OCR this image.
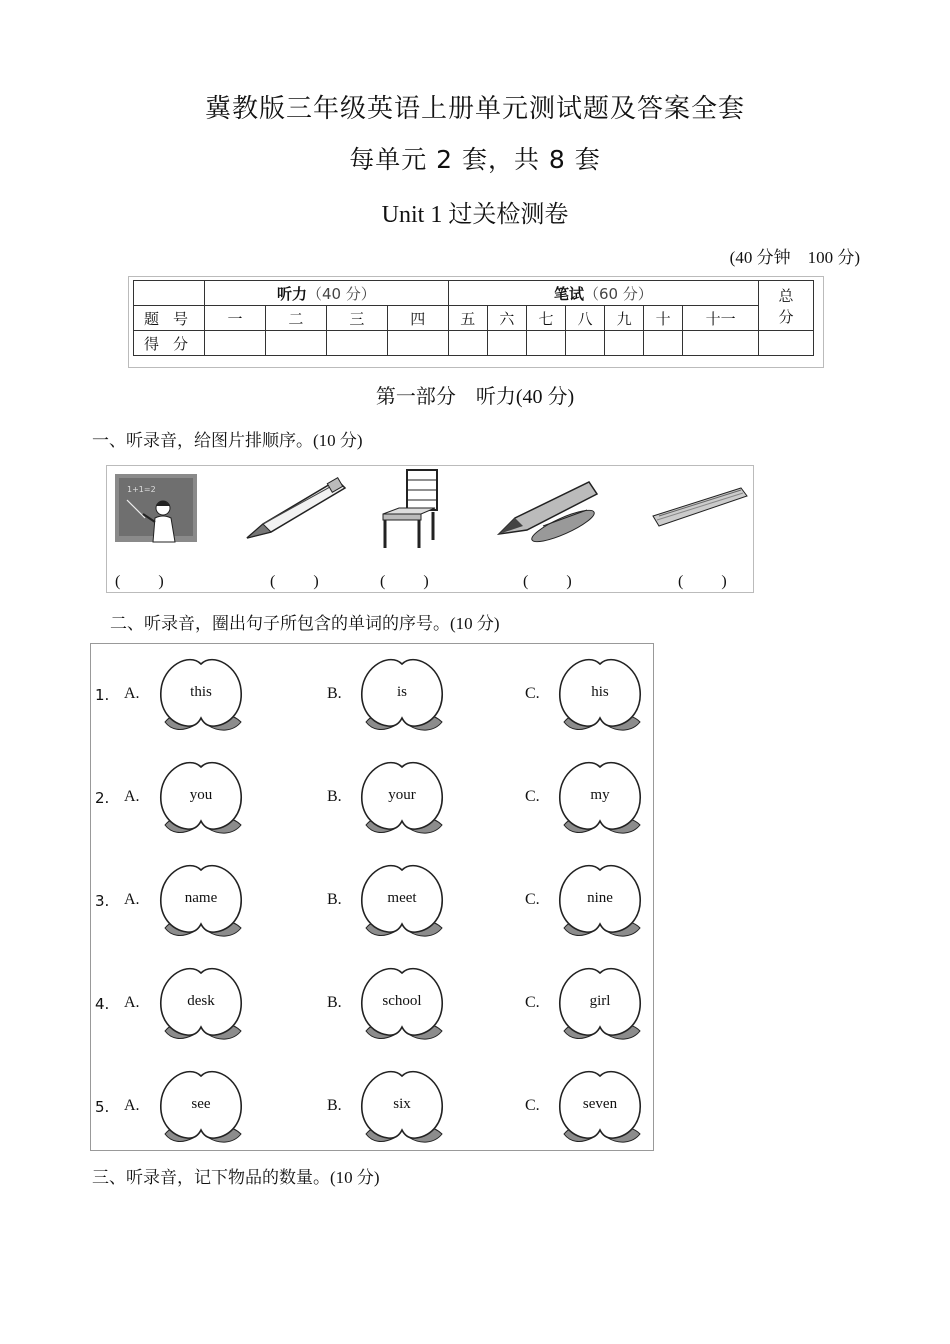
冀教版三年级英语上册单元测试题及答案全套
每单元 2 套，共 8 套
Unit 1 过关检测卷
(40 分钟　100 分)
	听力（40 分）				笔试（60 分）							总
分

题号	一	二	三	四	五	六	七	八	九	十	十一	
得分												
第一部分　听力(40 分)
一、听录音，给图片排顺序。(10 分)
1+1=2
(　　)	(　　)	(　　)	(　　)	(　　)
二、听录音，圈出句子所包含的单词的序号。(10 分)
1. A.	this	B.	is	C.	his
2. A.	you	B.	your	C.	my
3. A.	name	B.	meet	C.	nine
4. A.	desk	B.	school	C.	girl
5. A.	see	B.	six	C.	seven
三、听录音，记下物品的数量。(10 分)
